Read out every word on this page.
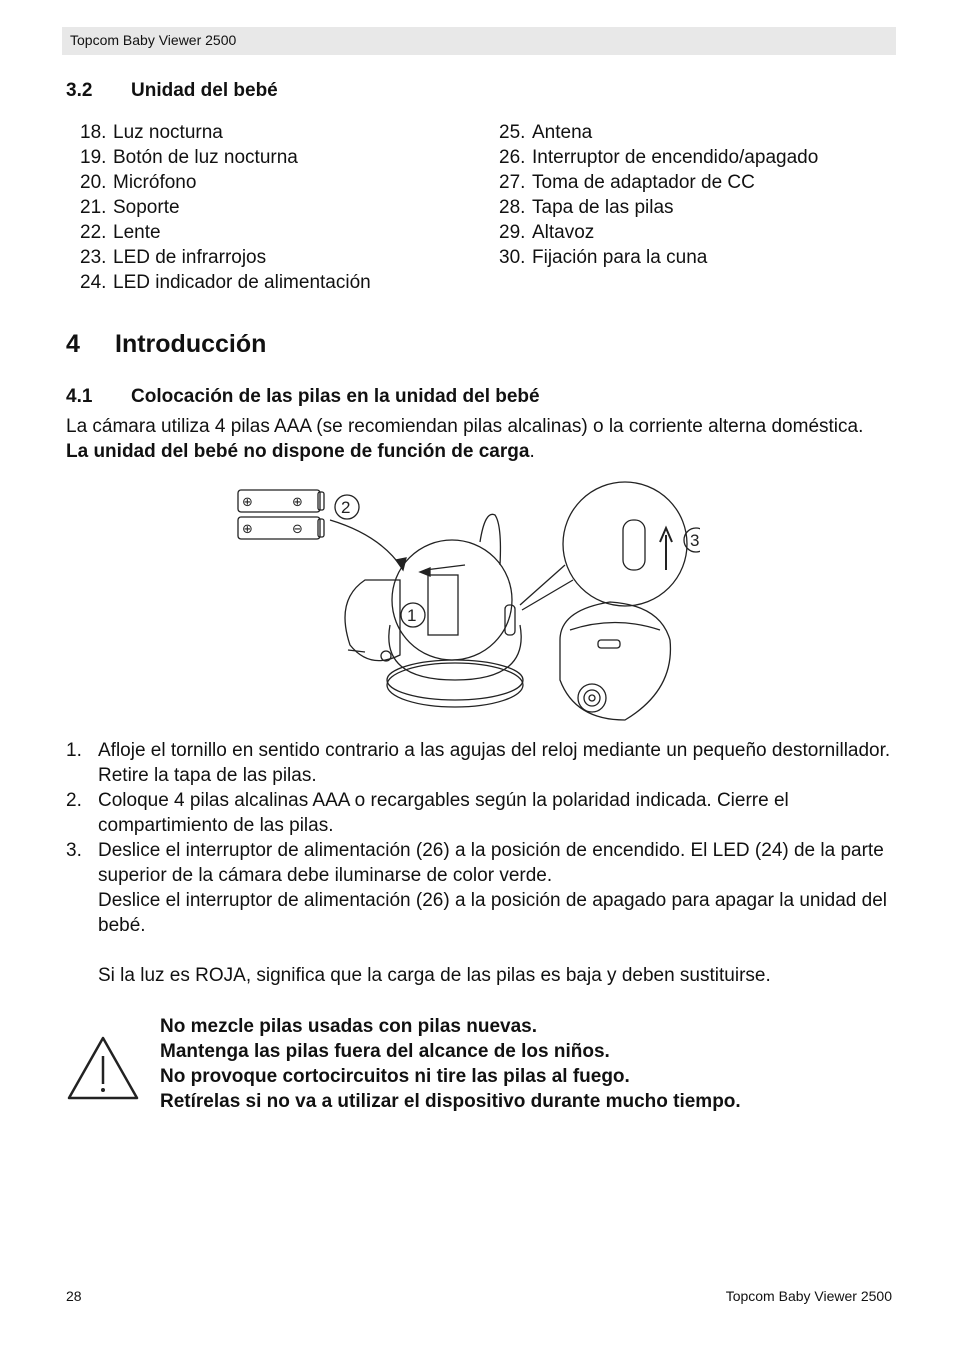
Topcom Baby Viewer 2500
3.2 Unidad del bebé
18. Luz nocturna
19. Botón de luz nocturna
20. Micrófono
21. Soporte
22. Lente
23. LED de infrarrojos
24. LED indicador de alimentación
25. Antena
26. Interruptor de encendido/apagado
27. Toma de adaptador de CC
28. Tapa de las pilas
29. Altavoz
30. Fijación para la cuna
4 Introducción
4.1 Colocación de las pilas en la unidad del bebé

La cámara utiliza 4 pilas AAA (se recomiendan pilas alcalinas) o la corriente alterna doméstica. La unidad del bebé no dispone de función de carga.

⊕	⊕
⊕	⊖
2
1
3
1. Afloje el tornillo en sentido contrario a las agujas del reloj mediante un pequeño destornillador. Retire la tapa de las pilas.
2. Coloque 4 pilas alcalinas AAA o recargables según la polaridad indicada. Cierre el compartimiento de las pilas.
3. Deslice el interruptor de alimentación (26) a la posición de encendido. El LED (24) de la parte superior de la cámara debe iluminarse de color verde.
Deslice el interruptor de alimentación (26) a la posición de apagado para apagar la unidad del bebé.
Si la luz es ROJA, significa que la carga de las pilas es baja y deben sustituirse.
No mezcle pilas usadas con pilas nuevas.
Mantenga las pilas fuera del alcance de los niños.
No provoque cortocircuitos ni tire las pilas al fuego.
Retírelas si no va a utilizar el dispositivo durante mucho tiempo.
28	Topcom Baby Viewer 2500
